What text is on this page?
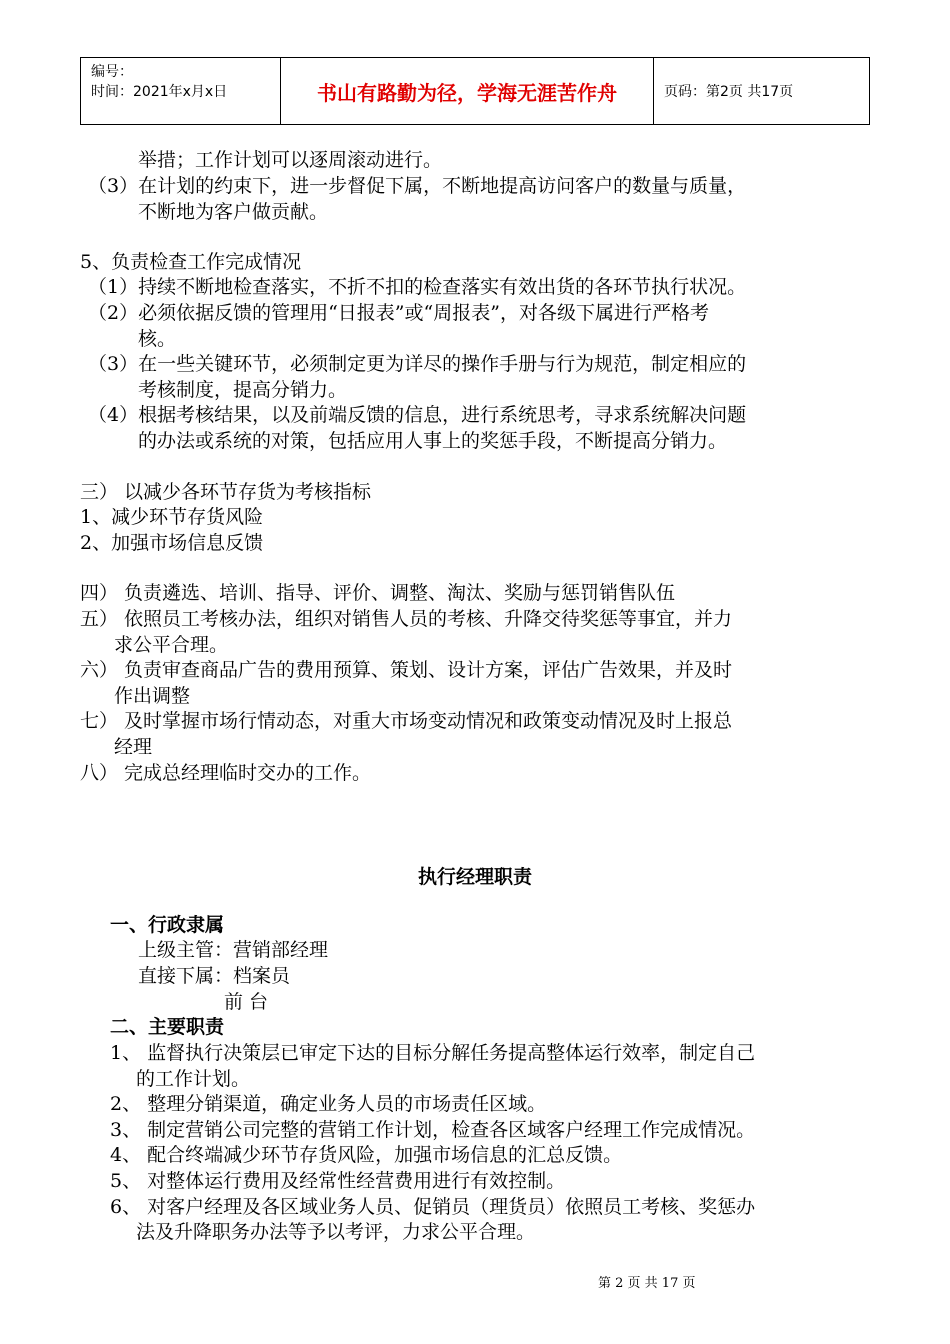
编号：
时间：2021年x月x日	书山有路勤为径，学海无涯苦作舟	页码：第2页 共17页
举措；工作计划可以逐周滚动进行。
（3）在计划的约束下，进一步督促下属，不断地提高访问客户的数量与质量，
不断地为客户做贡献。
5、负责检查工作完成情况
（1）持续不断地检查落实，不折不扣的检查落实有效出货的各环节执行状况。
（2）必须依据反馈的管理用“日报表”或“周报表”，对各级下属进行严格考
核。
（3）在一些关键环节，必须制定更为详尽的操作手册与行为规范，制定相应的
考核制度，提高分销力。
（4）根据考核结果，以及前端反馈的信息，进行系统思考，寻求系统解决问题
的办法或系统的对策，包括应用人事上的奖惩手段，不断提高分销力。
三） 以减少各环节存货为考核指标
1、减少环节存货风险
2、加强市场信息反馈
四） 负责遴选、培训、指导、评价、调整、淘汰、奖励与惩罚销售队伍
五） 依照员工考核办法，组织对销售人员的考核、升降交待奖惩等事宜，并力
求公平合理。
六） 负责审查商品广告的费用预算、策划、设计方案，评估广告效果，并及时
作出调整
七） 及时掌握市场行情动态，对重大市场变动情况和政策变动情况及时上报总
经理
八） 完成总经理临时交办的工作。
执行经理职责
一、行政隶属
上级主管：营销部经理
直接下属：档案员
前 台
二、主要职责
1、 监督执行决策层已审定下达的目标分解任务提高整体运行效率，制定自己
的工作计划。
2、 整理分销渠道，确定业务人员的市场责任区域。
3、 制定营销公司完整的营销工作计划，检查各区域客户经理工作完成情况。
4、 配合终端减少环节存货风险，加强市场信息的汇总反馈。
5、 对整体运行费用及经常性经营费用进行有效控制。
6、 对客户经理及各区域业务人员、促销员（理货员）依照员工考核、奖惩办
法及升降职务办法等予以考评，力求公平合理。
第 2 页 共 17 页
